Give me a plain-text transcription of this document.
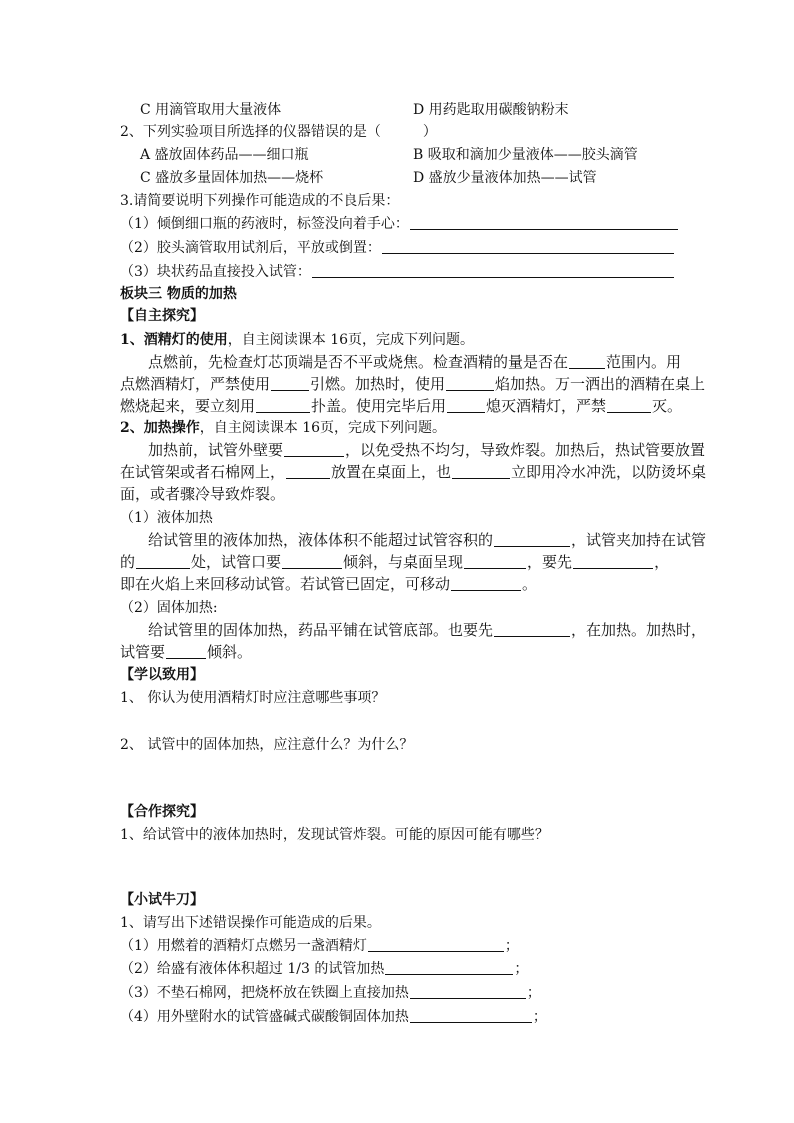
C 用滴管取用大量液体	D 用药匙取用碳酸钠粉末
2、下列实验项目所选择的仪器错误的是（　　　）
A 盛放固体药品——细口瓶	B 吸取和滴加少量液体——胶头滴管
C 盛放多量固体加热——烧杯	D 盛放少量液体加热——试管
3.请简要说明下列操作可能造成的不良后果：
（1）倾倒细口瓶的药液时，标签没向着手心：
（2）胶头滴管取用试剂后，平放或倒置：
（3）块状药品直接投入试管：
板块三 物质的加热
【自主探究】
1、酒精灯的使用，自主阅读课本 16页，完成下列问题。
点燃前，先检查灯芯顶端是否不平或烧焦。检查酒精的量是否在	范围内。用
点燃酒精灯，严禁使用	引燃。加热时，使用	焰加热。万一洒出的酒精在桌上
燃烧起来，要立刻用	扑盖。使用完毕后用	熄灭酒精灯，严禁	灭。
2、加热操作，自主阅读课本 16页，完成下列问题。
加热前，试管外壁要	，以免受热不均匀，导致炸裂。加热后，热试管要放置
在试管架或者石棉网上，	放置在桌面上，也	立即用冷水冲洗，以防烫坏桌
面，或者骤冷导致炸裂。
（1）液体加热
给试管里的液体加热，液体体积不能超过试管容积的	，试管夹加持在试管
的	处，试管口要	倾斜，与桌面呈现	，要先	，
即在火焰上来回移动试管。若试管已固定，可移动	。
（2）固体加热:
给试管里的固体加热，药品平铺在试管底部。也要先	，在加热。加热时，
试管要	倾斜。
【学以致用】
1、 你认为使用酒精灯时应注意哪些事项？
2、 试管中的固体加热，应注意什么？为什么？
【合作探究】
1、给试管中的液体加热时，发现试管炸裂。可能的原因可能有哪些？
【小试牛刀】
1、请写出下述错误操作可能造成的后果。
（1）用燃着的酒精灯点燃另一盏酒精灯	；
（2）给盛有液体体积超过 1/3 的试管加热	；
（3）不垫石棉网，把烧杯放在铁圈上直接加热	；
（4）用外壁附水的试管盛碱式碳酸铜固体加热	；
